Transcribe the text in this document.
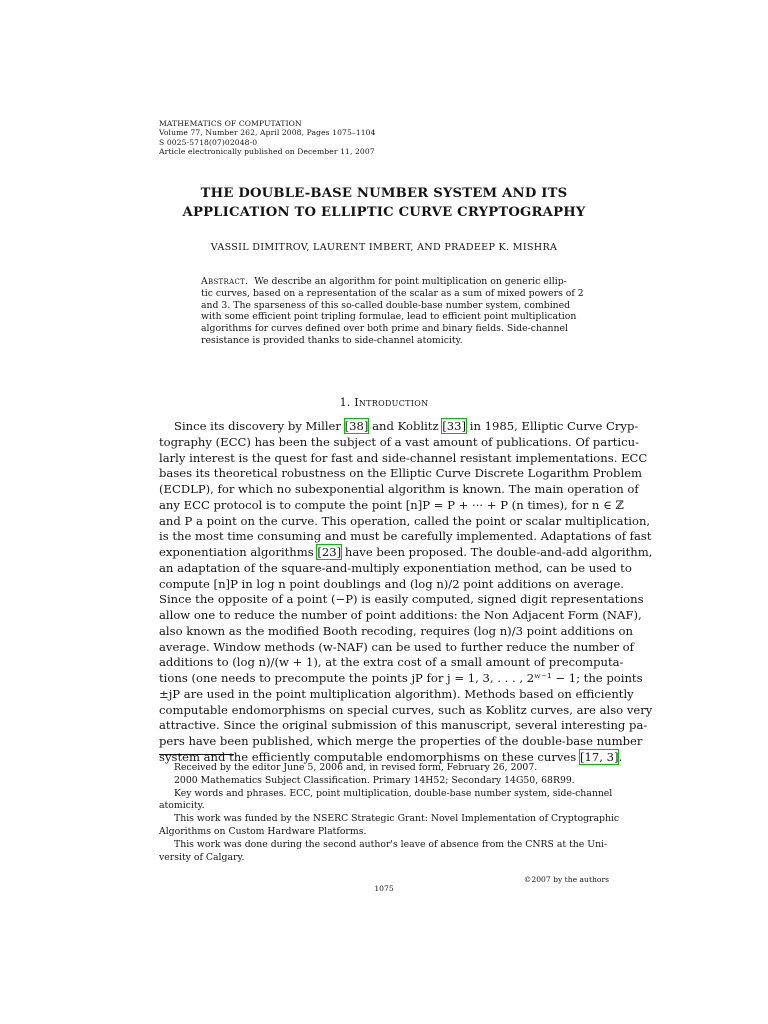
MATHEMATICS OF COMPUTATION
Volume 77, Number 262, April 2008, Pages 1075–1104
S 0025-5718(07)02048-0
Article electronically published on December 11, 2007
THE DOUBLE-BASE NUMBER SYSTEM AND ITS
APPLICATION TO ELLIPTIC CURVE CRYPTOGRAPHY
VASSIL DIMITROV, LAURENT IMBERT, AND PRADEEP K. MISHRA
Abstract. We describe an algorithm for point multiplication on generic ellip-
tic curves, based on a representation of the scalar as a sum of mixed powers of 2
and 3. The sparseness of this so-called double-base number system, combined
with some efficient point tripling formulae, lead to efficient point multiplication
algorithms for curves defined over both prime and binary fields. Side-channel
resistance is provided thanks to side-channel atomicity.
1. Introduction
Since its discovery by Miller [38] and Koblitz [33] in 1985, Elliptic Curve Cryp-
tography (ECC) has been the subject of a vast amount of publications. Of particu-
larly interest is the quest for fast and side-channel resistant implementations. ECC
bases its theoretical robustness on the Elliptic Curve Discrete Logarithm Problem
(ECDLP), for which no subexponential algorithm is known. The main operation of
any ECC protocol is to compute the point [n]P = P + ··· + P (n times), for n ∈ ℤ
and P a point on the curve. This operation, called the point or scalar multiplication,
is the most time consuming and must be carefully implemented. Adaptations of fast
exponentiation algorithms [23] have been proposed. The double-and-add algorithm,
an adaptation of the square-and-multiply exponentiation method, can be used to
compute [n]P in log n point doublings and (log n)/2 point additions on average.
Since the opposite of a point (−P) is easily computed, signed digit representations
allow one to reduce the number of point additions: the Non Adjacent Form (NAF),
also known as the modified Booth recoding, requires (log n)/3 point additions on
average. Window methods (w-NAF) can be used to further reduce the number of
additions to (log n)/(w + 1), at the extra cost of a small amount of precomputa-
tions (one needs to precompute the points jP for j = 1, 3, . . . , 2ʷ⁻¹ − 1; the points
±jP are used in the point multiplication algorithm). Methods based on efficiently
computable endomorphisms on special curves, such as Koblitz curves, are also very
attractive. Since the original submission of this manuscript, several interesting pa-
pers have been published, which merge the properties of the double-base number
system and the efficiently computable endomorphisms on these curves [17, 3].
Received by the editor June 5, 2006 and, in revised form, February 26, 2007.
2000 Mathematics Subject Classification. Primary 14H52; Secondary 14G50, 68R99.
Key words and phrases. ECC, point multiplication, double-base number system, side-channel
atomicity.
This work was funded by the NSERC Strategic Grant: Novel Implementation of Cryptographic
Algorithms on Custom Hardware Platforms.
This work was done during the second author's leave of absence from the CNRS at the Uni-
versity of Calgary.
©2007 by the authors
1075
